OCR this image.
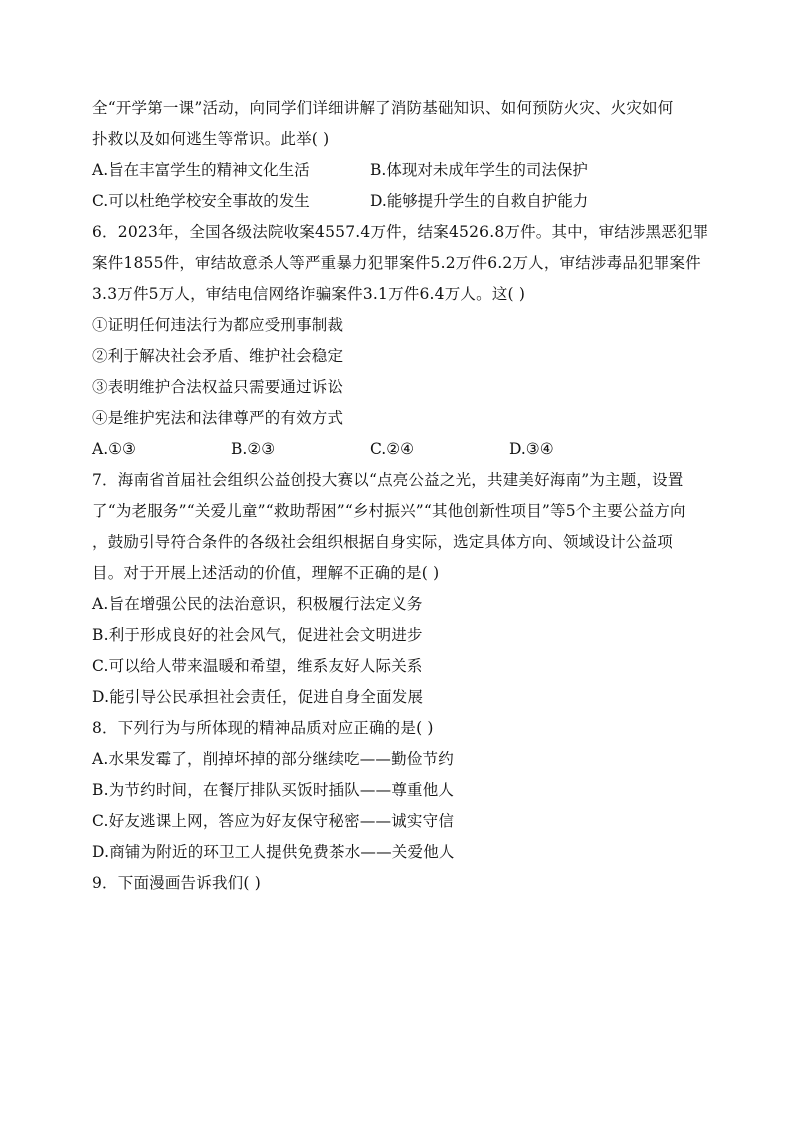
全“开学第一课”活动，向同学们详细讲解了消防基础知识、如何预防火灾、火灾如何
扑救以及如何逃生等常识。此举( )
A.旨在丰富学生的精神文化生活	B.体现对未成年学生的司法保护
C.可以杜绝学校安全事故的发生	D.能够提升学生的自救自护能力
6．2023年，全国各级法院收案4557.4万件，结案4526.8万件。其中，审结涉黑恶犯罪
案件1855件，审结故意杀人等严重暴力犯罪案件5.2万件6.2万人，审结涉毒品犯罪案件
3.3万件5万人，审结电信网络诈骗案件3.1万件6.4万人。这( )
①证明任何违法行为都应受刑事制裁
②利于解决社会矛盾、维护社会稳定
③表明维护合法权益只需要通过诉讼
④是维护宪法和法律尊严的有效方式
A.①③	B.②③	C.②④	D.③④
7．海南省首届社会组织公益创投大赛以“点亮公益之光，共建美好海南”为主题，设置
了“为老服务”“关爱儿童”“救助帮困”“乡村振兴”“其他创新性项目”等5个主要公益方向
，鼓励引导符合条件的各级社会组织根据自身实际，选定具体方向、领域设计公益项
目。对于开展上述活动的价值，理解不正确的是( )
A.旨在增强公民的法治意识，积极履行法定义务
B.利于形成良好的社会风气，促进社会文明进步
C.可以给人带来温暖和希望，维系友好人际关系
D.能引导公民承担社会责任，促进自身全面发展
8．下列行为与所体现的精神品质对应正确的是( )
A.水果发霉了，削掉坏掉的部分继续吃——勤俭节约
B.为节约时间，在餐厅排队买饭时插队——尊重他人
C.好友逃课上网，答应为好友保守秘密——诚实守信
D.商铺为附近的环卫工人提供免费茶水——关爱他人
9．下面漫画告诉我们( )
